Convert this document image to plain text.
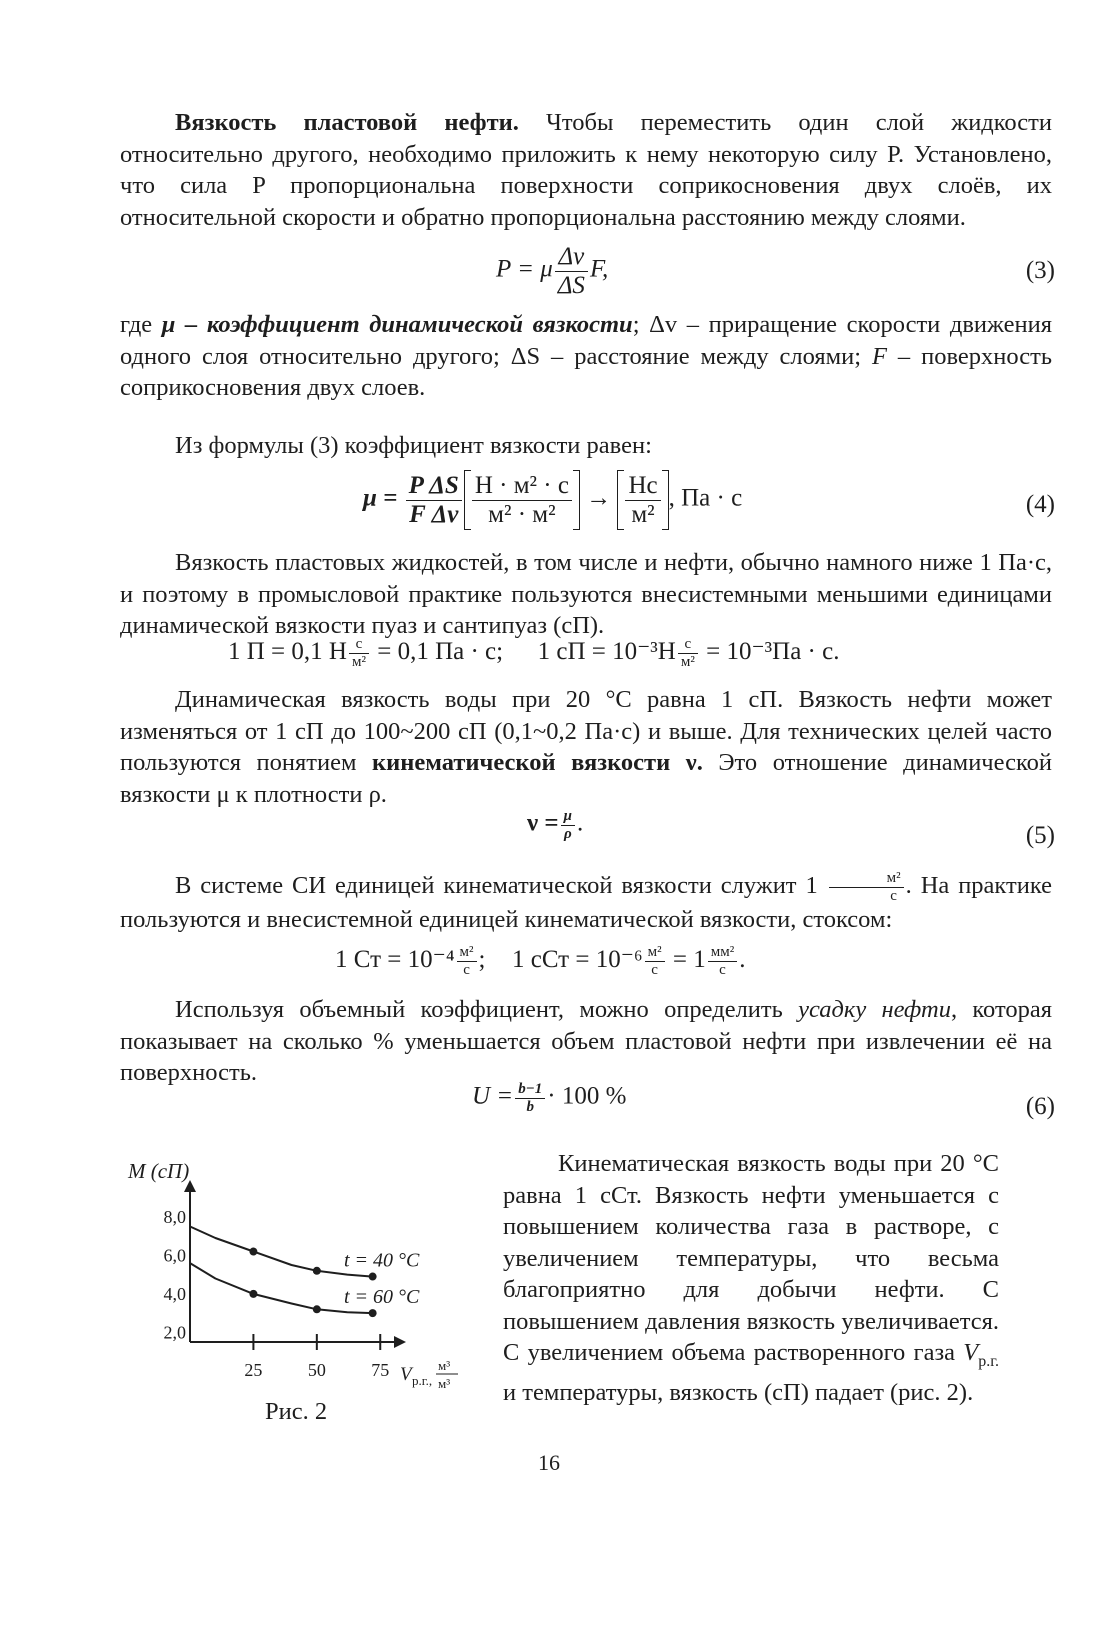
Вязкость пластовой нефти. Чтобы переместить один слой жидкости относительно другого, необходимо приложить к нему некоторую силу P. Установлено, что сила P пропорциональна поверхности соприкосновения двух слоёв, их относительной скорости и обратно пропорциональна расстоянию между слоями.

P = μ $\frac{\Delta v}{\Delta S} F$,	(3)

где μ – коэффициент динамической вязкости; Δv – приращение скорости движения одного слоя относительно другого; ΔS – расстояние между слоями; F – поверхность соприкосновения двух слоев.

Из формулы (3) коэффициент вязкости равен:

$\mu = \frac{\text{P ΔS}}{\text{F Δv}} \frac{\text{Н · м² · с}}{\text{м² · м²}} \to \frac{Нс}{\text{м²}}$ , Па · с	(4)

Вязкость пластовых жидкостей, в том числе и нефти, обычно намного ниже 1 Па·с, и поэтому в промысловой практике пользуются внесистемными меньшими единицами динамической вязкости пуаз и сантипуаз (сП).

1 П = 0,1 Н $\frac{с}{\text{м²}} = 0,1$ Па · с; 1 сП = $10^{-3}Н \frac{с}{\text{м²}} = 10^{-3}Па \cdot с$.

Динамическая вязкость воды при 20 °С равна 1 сП. Вязкость нефти может изменяться от 1 сП до 100~200 сП (0,1~0,2 Па·с) и выше. Для технических целей часто пользуются понятием кинематической вязкости ν. Это отношение динамической вязкости μ к плотности ρ.

$\nu = \frac{\mu}{\rho}$ .	(5)

В системе СИ единицей кинематической вязкости служит $1 \frac{\text{м²}}{с}$ . На практике пользуются и внесистемной единицей кинематической вязкости, стоксом:

1 Ст = $10^{-4} \frac{\text{м²}}{с}$ ; 1 сСт = $10^{-6} \frac{\text{м²}}{с} = 1 \frac{\text{мм²}}{с}$ .

Используя объемный коэффициент, можно определить усадку нефти, которая показывает на сколько % уменьшается объем пластовой нефти при извлечении её на поверхность.

$U = \frac{b-1}{b} \cdot 100$ %	(6)
M (сП)
8,0
6,0
4,0
2,0
25	50	75
t = 40 °C
t = 60 °C
V р.г.,
м³
м³
Рис. 2

Кинематическая вязкость воды при 20 °С равна 1 сСт. Вязкость нефти уменьшается с повышением количества газа в растворе, с увеличением температуры, что весьма благоприятно для добычи нефти. С повышением давления вязкость увеличивается. С увеличением объема растворенного газа $V_{р.г.}$ и температуры, вязкость (сП) падает (рис. 2).

16
